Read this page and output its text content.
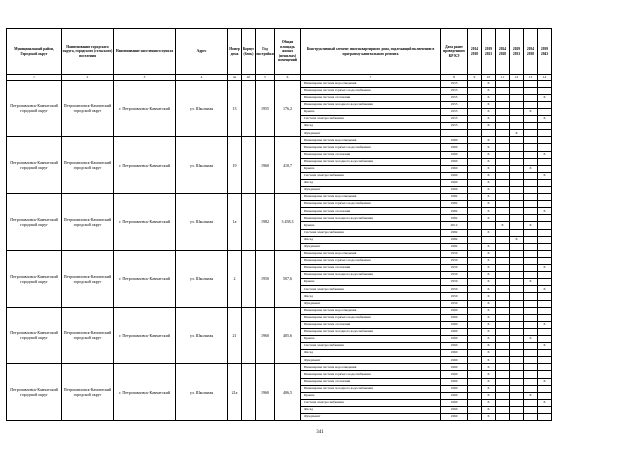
Муниципальный район, Городской округ	Наименование городского округа, городского (сельского) поселения	Наименование населенного пункта	Адрес	Номер дома	Корпус (блок)	Год постройки	Общая площадь жилых (нежилых) помещений	Конструктивный элемент многоквартирного дома, подлежащий включению в программу капитального ремонта	Дата ранее проведенного КР КЭ	2014 2018	2019 2023	2024 2028	2029 2033	2034 2038	2039 2043
1	2	3	4	4а	4б	5	6	7	8	9	10	11	12	13	14
Петропавловск-Камчатский городской округ	Петропавловск-Камчатский городской округ	г. Петропавловск-Камчатский	ул. Школьная	13		1955	176,2	Инженерная система водоотведения	1955		X				
								Инженерная система горячего водоснабжения	1955		X				
								Инженерная система отопления	1955		X				X
								Инженерная система холодного водоснабжения	1955		X				
								Крыша	1955		X			X	
								Система электроснабжения	1955		X				X
								Фасад	1955		X				
								Фундамент					X		
Петропавловск-Камчатский городской округ	Петропавловск-Камчатский городской округ	г. Петропавловск-Камчатский	ул. Школьная	19		1960	410,7	Инженерная система водоотведения	1960		X				
								Инженерная система горячего водоснабжения	1960		X				
								Инженерная система отопления	1960		X				X
								Инженерная система холодного водоснабжения	1960		X				
								Крыша	1960		X			X	
								Система электроснабжения	1960		X				X
								Фасад	1960		X				
								Фундамент	1960		X				
Петропавловск-Камчатский городской округ	Петропавловск-Камчатский городской округ	г. Петропавловск-Камчатский	ул. Школьная	1а		1982	3 458,3	Инженерная система водоотведения	1982		X				
								Инженерная система горячего водоснабжения	1982		X				
								Инженерная система отопления	1982		X				X
								Инженерная система холодного водоснабжения	1982		X				
								Крыша	2012			X		X	
								Система электроснабжения	1982		X				
								Фасад	1982				X		
								Фундамент	1982		X				
Петропавловск-Камчатский городской округ	Петропавловск-Камчатский городской округ	г. Петропавловск-Камчатский	ул. Школьная	2		1950	507,6	Инженерная система водоотведения	1950		X				
								Инженерная система горячего водоснабжения	1950		X				
								Инженерная система отопления	1950		X				X
								Инженерная система холодного водоснабжения	1950		X				
								Крыша	1950		X			X	
								Система электроснабжения	1950		X				X
								Фасад	1950		X				
								Фундамент	1950		X				
Петропавловск-Камчатский городской округ	Петропавловск-Камчатский городской округ	г. Петропавловск-Камчатский	ул. Школьная	21		1960	405,6	Инженерная система водоотведения	1960		X				
								Инженерная система горячего водоснабжения	1960		X				
								Инженерная система отопления	1960		X				X
								Инженерная система холодного водоснабжения	1960		X				
								Крыша	1960		X			X	
								Система электроснабжения	1960		X				X
								Фасад	1960		X				
								Фундамент	1960		X				
Петропавловск-Камчатский городской округ	Петропавловск-Камчатский городской округ	г. Петропавловск-Камчатский	ул. Школьная	21а		1960	406,5	Инженерная система водоотведения	1960		X				
								Инженерная система горячего водоснабжения	1960		X				
								Инженерная система отопления	1960		X				X
								Инженерная система холодного водоснабжения	1960		X				
								Крыша	1960		X			X	
								Система электроснабжения	1960		X				X
								Фасад	1960		X				
								Фундамент	1960		X				
341
